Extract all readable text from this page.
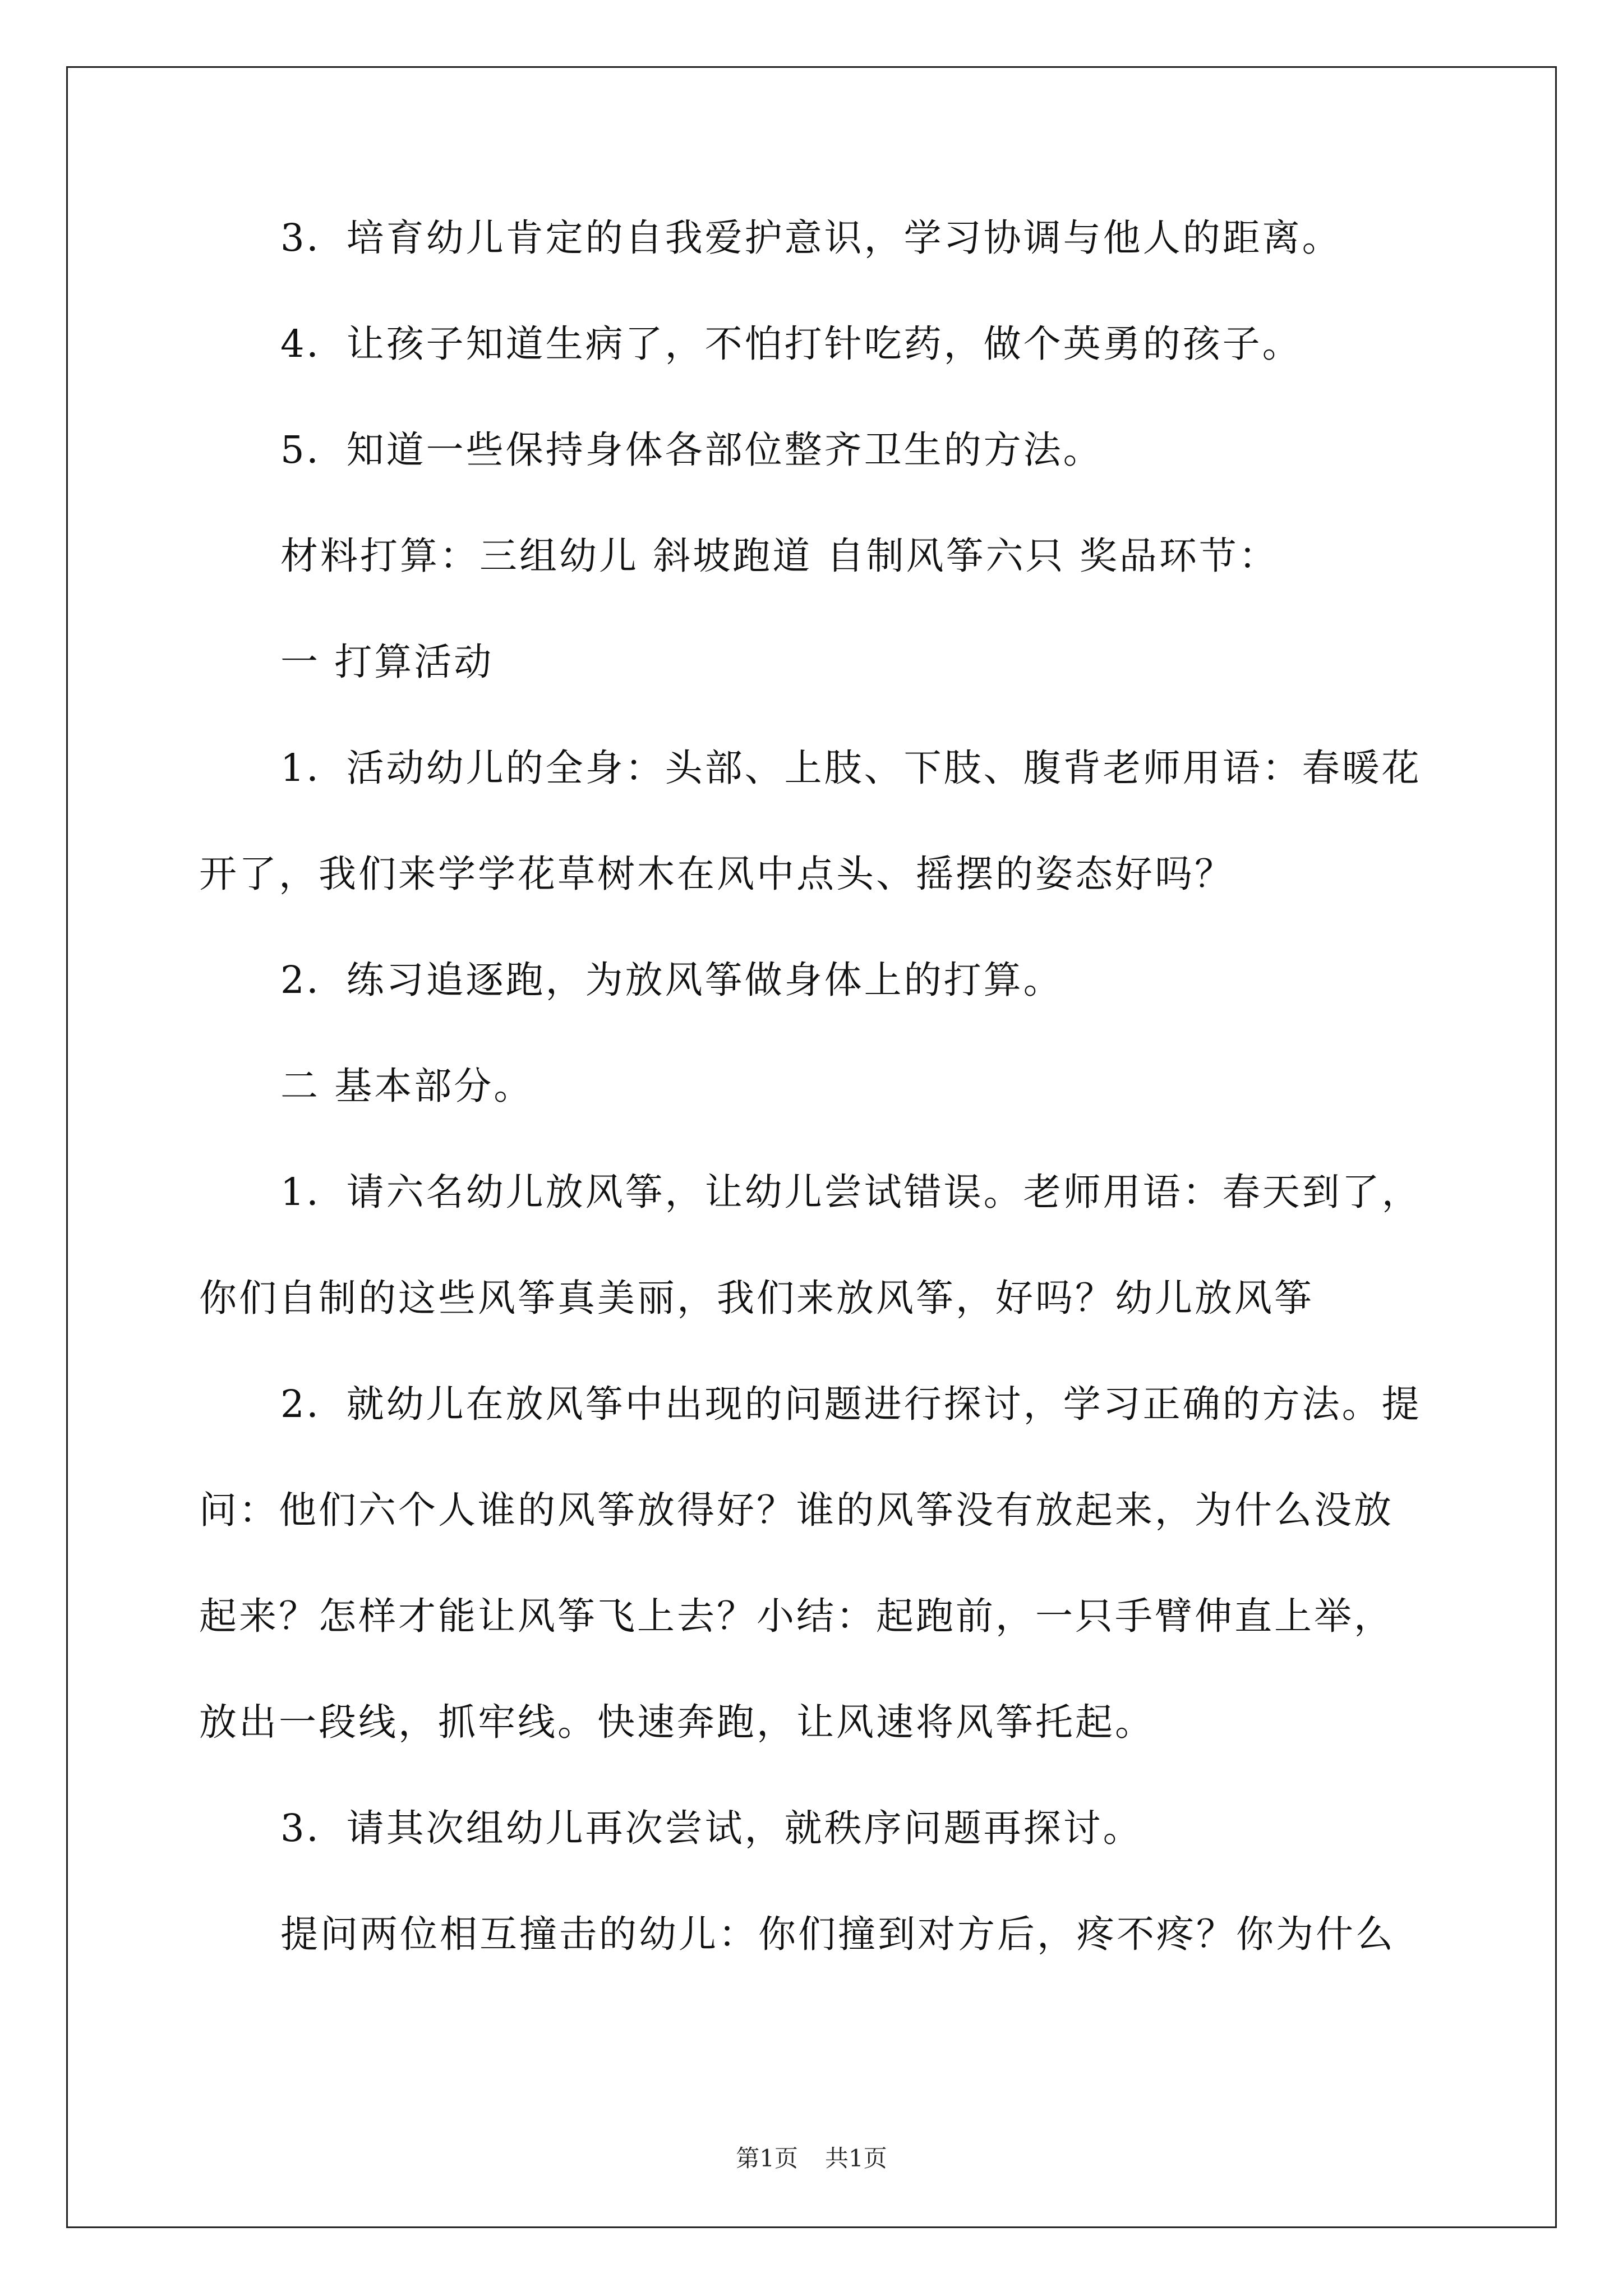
3．培育幼儿肯定的自我爱护意识，学习协调与他人的距离。

4．让孩子知道生病了，不怕打针吃药，做个英勇的孩子。

5．知道一些保持身体各部位整齐卫生的方法。

材料打算：三组幼儿 斜坡跑道 自制风筝六只 奖品环节：

一 打算活动

1．活动幼儿的全身：头部、上肢、下肢、腹背老师用语：春暖花开了，我们来学学花草树木在风中点头、摇摆的姿态好吗？

2．练习追逐跑，为放风筝做身体上的打算。

二 基本部分。

1．请六名幼儿放风筝，让幼儿尝试错误。老师用语：春天到了，你们自制的这些风筝真美丽，我们来放风筝，好吗？幼儿放风筝

2．就幼儿在放风筝中出现的问题进行探讨，学习正确的方法。提问：他们六个人谁的风筝放得好？谁的风筝没有放起来，为什么没放起来？怎样才能让风筝飞上去？小结：起跑前，一只手臂伸直上举，放出一段线，抓牢线。快速奔跑，让风速将风筝托起。

3．请其次组幼儿再次尝试，就秩序问题再探讨。

提问两位相互撞击的幼儿：你们撞到对方后，疼不疼？你为什么

第1页 共1页
